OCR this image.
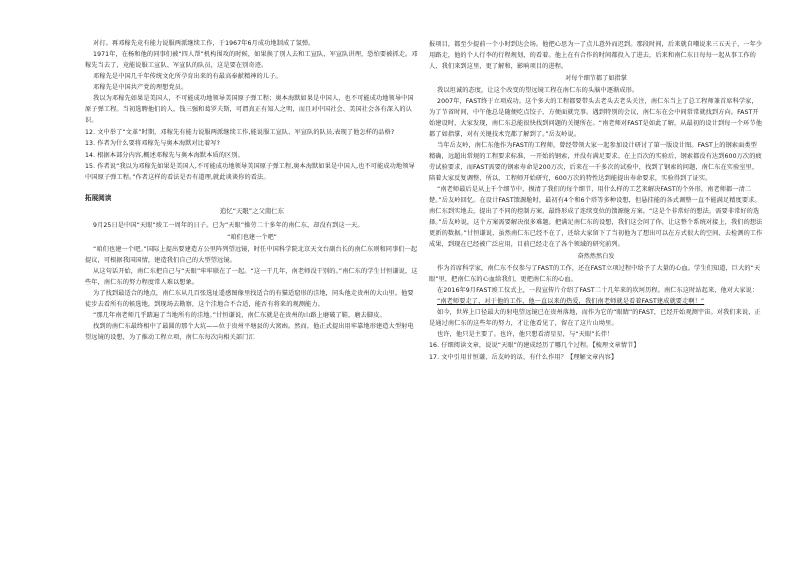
对打。再邓稼先竟有能力说服两派继续工作，于1967年6月成功地制成了氢弹。

1971年，在杨和他的同事们被“四人帮”机构围攻的时候，如果换了别人去和工宣队、军宣队讲理，恐怕要被抓走。邓稼先当去了，竟能说服工宣队、军宣队的队员，这是要在别奇迹。

邓稼先是中国几千年传统文化所孕育出来的有最高奉献精神的儿子。

邓稼先是中国共产党的理想党员。

我以为邓稼先如果是美国人，不可能成功地领导美国原子弹工程；奥本海默如果是中国人，也不可能成功地领导中国原子弹工程。当初选聘他们的人，钱三强和葛罗夫斯，可谓真正有知人之明，而且对中国社会、美国社会各有深入的认识。

12. 文中举了“文革”时期，邓稼先有能力说服两派继续工作,能说服工宣队、军宣队的队员,表现了他怎样的品格?

13. 作者为什么要将邓稼先与奥本海默对比着写?

14. 根据本部分内容,概述邓稼先与奥本海默本质的区别。

15. 作者说“我以为邓稼先如果是美国人,不可能成功地领导美国原子弹工程,奥本海默如果是中国人,也不可能成功地领导中国原子弹工程。”作者这样的看法是否有道理,就此谈谈你的看法。

拓展阅读

追忆“天眼”之父南仁东

9月25日是中国“天眼”竣工一周年的日子。已为“天眼”操劳二十多年的南仁东，却没有到这一天。

“咱们也建一个吧”

“咱们也建一个吧。”国际上提出要建造方公里阵列望远镜，时任中国科学院北京天文台副台长的南仁东则和同事们一起提议，可根据我国国情，建造我们自己的大型望远镜。

从这句话开始，南仁东把自己与“天眼”牢牢联在了一起。“这一干几年，南老师没干别的。”南仁东的学生甘恒谦说，这些年，南仁东的努力程度常人难以想象。

为了找到最适合的地点，南仁东从几百张选址遥感图像里找适合的有猫适窟形的洼地，同头他走贵州的大山里。他要徒步去看所有的候选地，到现场去勘察，这个洼地合不合适，能否有将来的观测能力。

“那几年南老师几乎踏遍了当地所有的洼地。”甘恒谦说，南仁东就是在贵州的山路上磨破了鞋，磨去脚皮。

找到的南仁东最终相中了最圆的那个大坑——位于贵州平塘县的大窝凼。然而，他正式提出用牢靠地形建造大型射电望远镜的设想，为了推动工程立项，南仁东每次向相关部门汇

报项目，都至少提前一个小时到达会场。他把心思为一了点儿意外而迟到。那段时间，后来就自嘲说来三五天子，一年少用路走，他的个人行李的行程规划，的看着。他上在有合作的时间都投入了进去，后来和南仁东日每每一起从事工作的人，我们来到这里，更了解和，影响项目的进程。

对每个细节都了如指掌

我以坦诚的态度，让这个改变的望远镜工程在南仁东的头脑中逐渐成形。

2007年，FAST终于立项成功。这个多大的工程都要带头去老头去老头关注，南仁东当上了总工程师兼首席科学家，为了节省时间，中午他总是随便吃点饺子、方便面就完事。遇到特别的会议，南仁东在会中间常常就找到方向。FAST开始建设时，大家发现，南仁东总能很快找到问题的关键所在。“南老师对FAST是如此了解，从最初的设计到每一个环节他都了如指掌，对有关键技术完都了解到了。”岳友岭说。

当年岳友岭，南仁东他作为FAST的工程师，曾经带领大家一起参加设计研讨了第一版设计图。FAST上的钢索面类型精确，远超出常规的工程要求标准，一开始的钢索，并没有满足要求。在上百次的实验后，钢索都没有达到600万次的疲劳试验要求，而FAST需要的钢索寿命是200万次，后来在一千多次的试验中，找到了钢索的问题，南仁东在实验室里，陪着大家反复调整，所以，工程师开始研究，600万次的特性达到能提出寿命要求，实验得到了证实。

“南老师最后是从上千个细节中，摸清了我们的每个细节，用什么样的工艺来解决FAST的个外形，南老师都一清二楚。”岳友岭回忆。在设计FAST馈源舱时，最初有4个和6个塔等多种设想，但悬挂能的各式调整一直不能满足精度要求。南仁东到实地去，提出了不同的控制方案，最终形成了连续变位的馈源舱方案。“这是个非常好的想法，需要非常好的选择。”岳友岭说，这个方案需要解决很多难题。把满足南仁东的设想，我们这会问了你，让这整个系统对接上，我们的想法更新的数据。”甘恒谦说，虽然南仁东已经不在了，还给大家留下了当初他为了想出可以在方式很大的空间、去检测的工作成果，到现在已经被广泛应用，目前已经走在了各个领域的研究前列。

奋然然然白发

作为首席科学家，南仁东不仅参与了FAST的工作，还在FAST立项过程中给予了大量的心血。学生们知道，巨大的“天眼”里，把南仁东的心血给我们，更把南仁东的心血。

在2016年9月FAST竣工仪式上，一段宣传片介绍了FAST二十几年来的坎坷历程。南仁东这时站起来，他对大家说：

“南老师要走了，对于他的工作，他一直以来的热爱，我们南老师就是看着FAST建成就要走啊！”

如今，世界上口径最大的射电望远镜已在贵州落地，而作为它的“眼睛”的FAST，已经开始观测宇宙。对我们来说，正是通过南仁东的这些年的努力，才让他看见了，留在了这片山坳里。

也许，他只是主要了。也许，他只想看清星星，与“天眼”长伴！

16. 仔细阅读文章，说说“天眼”的建成经历了哪几个过程。【梳理文章情节】

17. 文中引用甘恒谦、岳友岭的话，有什么作用？【理解文章内容】
